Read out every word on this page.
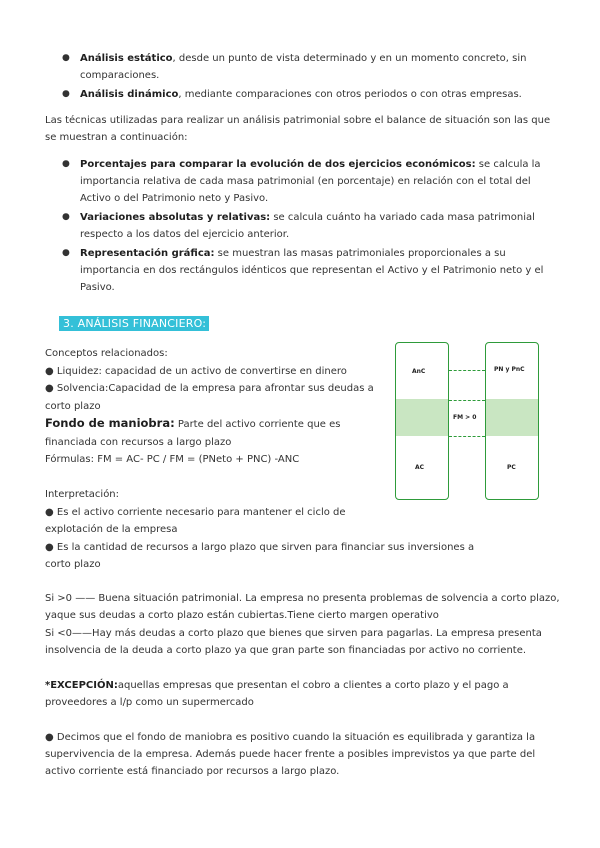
● Análisis estático, desde un punto de vista determinado y en un momento concreto, sin comparaciones.
● Análisis dinámico, mediante comparaciones con otros periodos o con otras empresas.
Las técnicas utilizadas para realizar un análisis patrimonial sobre el balance de situación son las que se muestran a continuación:
● Porcentajes para comparar la evolución de dos ejercicios económicos: se calcula la importancia relativa de cada masa patrimonial (en porcentaje) en relación con el total del Activo o del Patrimonio neto y Pasivo.
● Variaciones absolutas y relativas: se calcula cuánto ha variado cada masa patrimonial respecto a los datos del ejercicio anterior.
● Representación gráfica: se muestran las masas patrimoniales proporcionales a su importancia en dos rectángulos idénticos que representan el Activo y el Patrimonio neto y el Pasivo.
3. ANÁLISIS FINANCIERO:
Conceptos relacionados:
● Liquidez: capacidad de un activo de convertirse en dinero
● Solvencia:Capacidad de la empresa para afrontar sus deudas a corto plazo
Fondo de maniobra: Parte del activo corriente que es financiada con recursos a largo plazo
Fórmulas: FM = AC- PC / FM = (PNeto + PNC) -ANC
Interpretación:
● Es el activo corriente necesario para mantener el ciclo de explotación de la empresa
● Es la cantidad de recursos a largo plazo que sirven para financiar sus inversiones a corto plazo
AnC	PN y PnC
FM > 0
AC	PC
Si >0 —— Buena situación patrimonial. La empresa no presenta problemas de solvencia a corto plazo, yaque sus deudas a corto plazo están cubiertas.Tiene cierto margen operativo
Si <0——Hay más deudas a corto plazo que bienes que sirven para pagarlas. La empresa presenta insolvencia de la deuda a corto plazo ya que gran parte son financiadas por activo no corriente.
*EXCEPCIÓN:aquellas empresas que presentan el cobro a clientes a corto plazo y el pago a proveedores a l/p como un supermercado
● Decimos que el fondo de maniobra es positivo cuando la situación es equilibrada y garantiza la supervivencia de la empresa. Además puede hacer frente a posibles imprevistos ya que parte del activo corriente está financiado por recursos a largo plazo.
